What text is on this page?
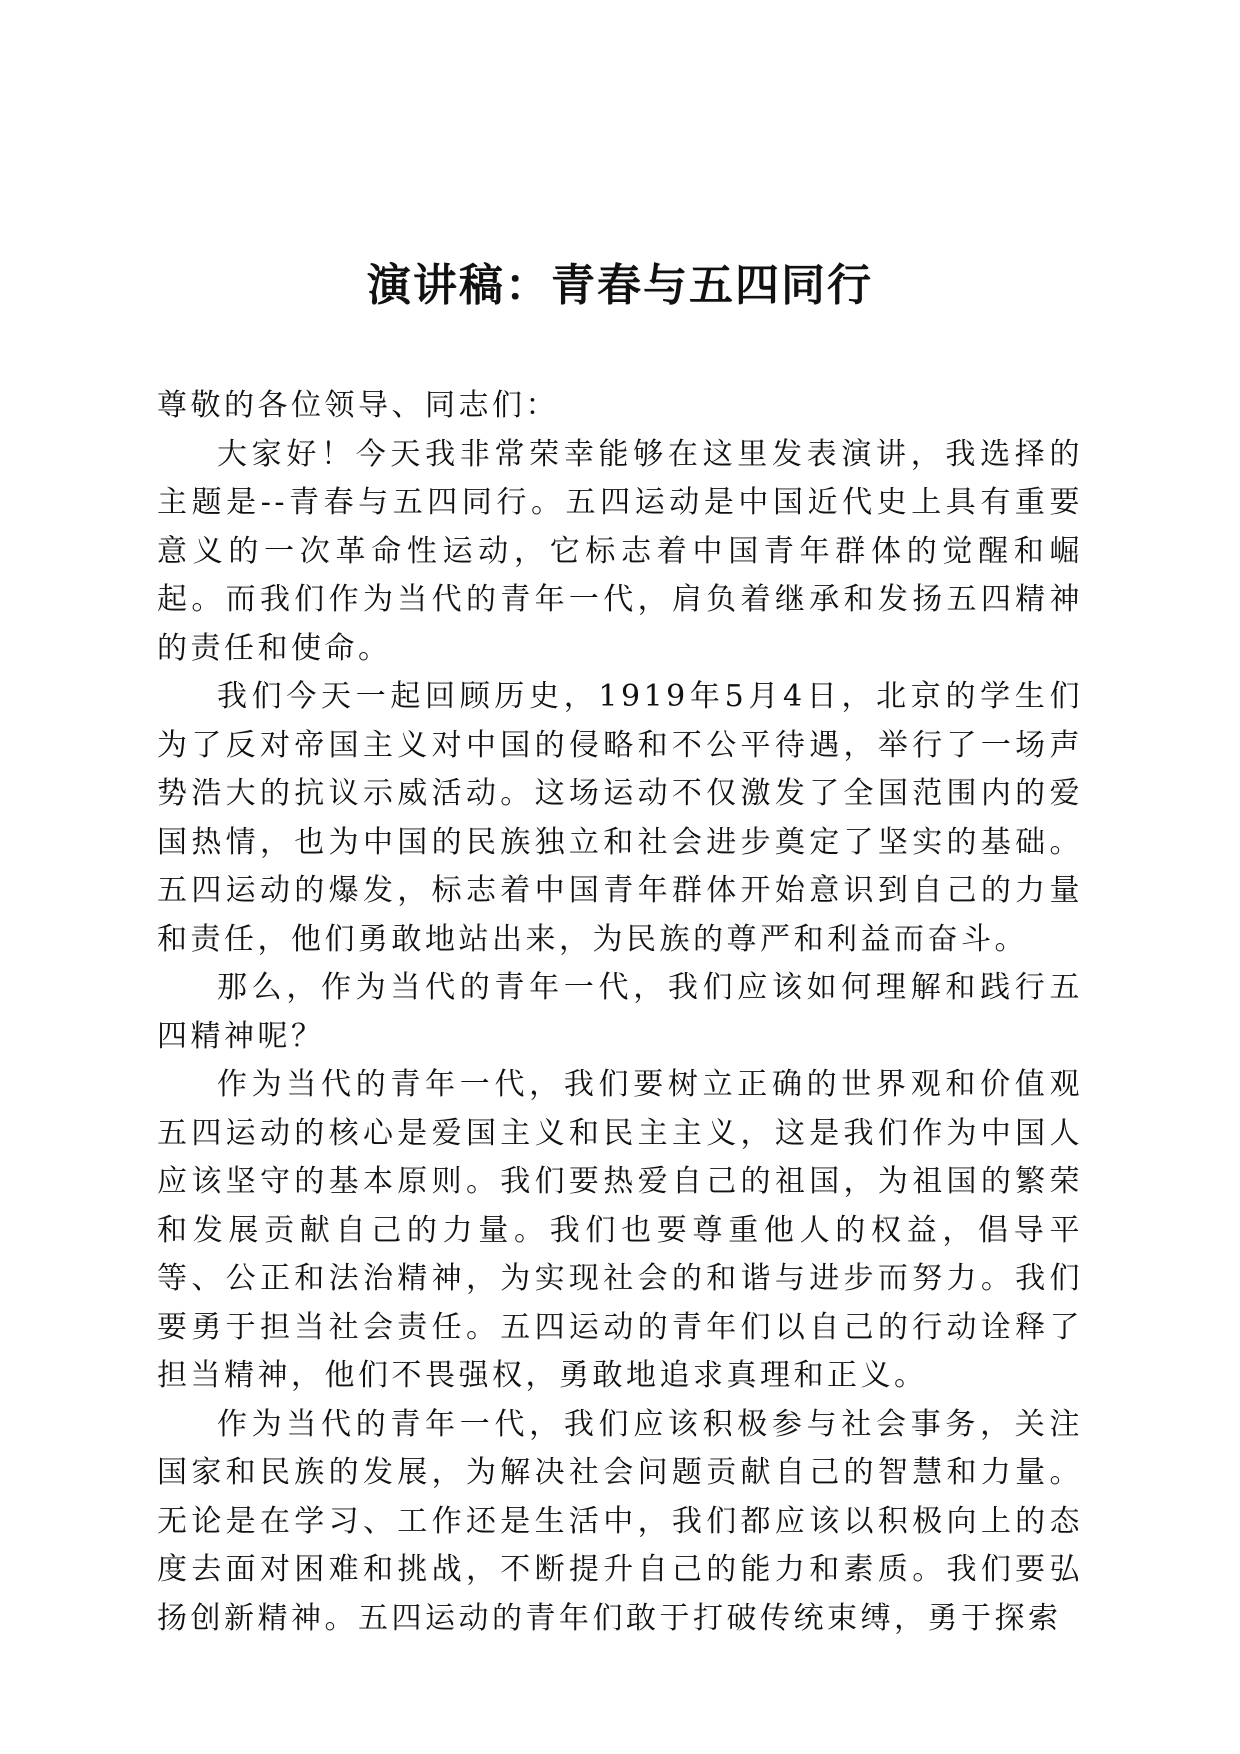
演讲稿：青春与五四同行

尊敬的各位领导、同志们：

大家好！今天我非常荣幸能够在这里发表演讲，我选择的主题是--青春与五四同行。五四运动是中国近代史上具有重要意义的一次革命性运动，它标志着中国青年群体的觉醒和崛起。而我们作为当代的青年一代，肩负着继承和发扬五四精神的责任和使命。

我们今天一起回顾历史，1919年5月4日，北京的学生们为了反对帝国主义对中国的侵略和不公平待遇，举行了一场声势浩大的抗议示威活动。这场运动不仅激发了全国范围内的爱国热情，也为中国的民族独立和社会进步奠定了坚实的基础。五四运动的爆发，标志着中国青年群体开始意识到自己的力量和责任，他们勇敢地站出来，为民族的尊严和利益而奋斗。

那么，作为当代的青年一代，我们应该如何理解和践行五四精神呢？

作为当代的青年一代，我们要树立正确的世界观和价值观五四运动的核心是爱国主义和民主主义，这是我们作为中国人应该坚守的基本原则。我们要热爱自己的祖国，为祖国的繁荣和发展贡献自己的力量。我们也要尊重他人的权益，倡导平等、公正和法治精神，为实现社会的和谐与进步而努力。我们要勇于担当社会责任。五四运动的青年们以自己的行动诠释了担当精神，他们不畏强权，勇敢地追求真理和正义。

作为当代的青年一代，我们应该积极参与社会事务，关注国家和民族的发展，为解决社会问题贡献自己的智慧和力量。无论是在学习、工作还是生活中，我们都应该以积极向上的态度去面对困难和挑战，不断提升自己的能力和素质。我们要弘扬创新精神。五四运动的青年们敢于打破传统束缚，勇于探索
